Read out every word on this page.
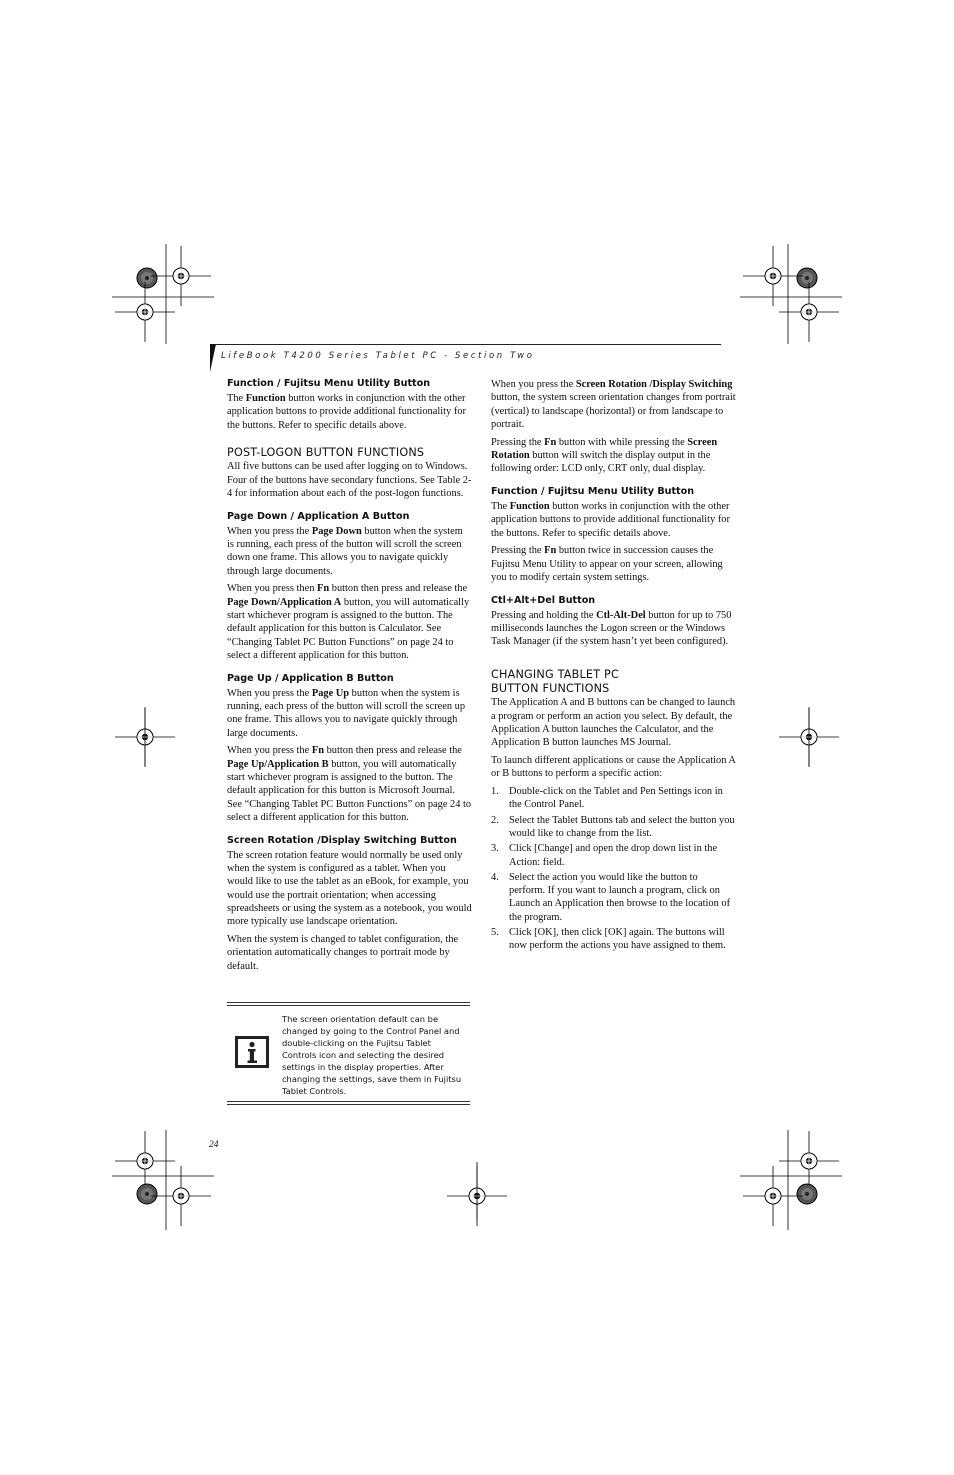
LifeBook T4200 Series Tablet PC - Section Two
Function / Fujitsu Menu Utility Button

The Function button works in conjunction with the other application buttons to provide additional functionality for the buttons. Refer to specific details above.

POST-LOGON BUTTON FUNCTIONS

All five buttons can be used after logging on to Windows. Four of the buttons have secondary functions. See Table 2-4 for information about each of the post-logon functions.

Page Down / Application A Button

When you press the Page Down button when the system is running, each press of the button will scroll the screen down one frame. This allows you to navigate quickly through large documents.

When you press then Fn button then press and release the Page Down/Application A button, you will automatically start whichever program is assigned to the button. The default application for this button is Calculator. See “Changing Tablet PC Button Functions” on page 24 to select a different application for this button.

Page Up / Application B Button

When you press the Page Up button when the system is running, each press of the button will scroll the screen up one frame. This allows you to navigate quickly through large documents.

When you press the Fn button then press and release the Page Up/Application B button, you will automatically start whichever program is assigned to the button. The default application for this button is Microsoft Journal. See “Changing Tablet PC Button Functions” on page 24 to select a different application for this button.

Screen Rotation /Display Switching Button

The screen rotation feature would normally be used only when the system is configured as a tablet. When you would like to use the tablet as an eBook, for example, you would use the portrait orientation; when accessing spreadsheets or using the system as a notebook, you would more typically use landscape orientation.

When the system is changed to tablet configuration, the orientation automatically changes to portrait mode by default.

The screen orientation default can be changed by going to the Control Panel and double-clicking on the Fujitsu Tablet Controls icon and selecting the desired settings in the display properties. After changing the settings, save them in Fujitsu Tablet Controls.

When you press the Screen Rotation /Display Switching button, the system screen orientation changes from portrait (vertical) to landscape (horizontal) or from landscape to portrait.

Pressing the Fn button with while pressing the Screen Rotation button will switch the display output in the following order: LCD only, CRT only, dual display.

Function / Fujitsu Menu Utility Button

The Function button works in conjunction with the other application buttons to provide additional functionality for the buttons. Refer to specific details above.

Pressing the Fn button twice in succession causes the Fujitsu Menu Utility to appear on your screen, allowing you to modify certain system settings.

Ctl+Alt+Del Button

Pressing and holding the Ctl-Alt-Del button for up to 750 milliseconds launches the Logon screen or the Windows Task Manager (if the system hasn’t yet been configured).

CHANGING TABLET PC
BUTTON FUNCTIONS

The Application A and B buttons can be changed to launch a program or perform an action you select. By default, the Application A button launches the Calculator, and the Application B button launches MS Journal.

To launch different applications or cause the Application A or B buttons to perform a specific action:

1. Double-click on the Tablet and Pen Settings icon in the Control Panel.
2. Select the Tablet Buttons tab and select the button you would like to change from the list.
3. Click [Change] and open the drop down list in the Action: field.
4. Select the action you would like the button to perform. If you want to launch a program, click on Launch an Application then browse to the location of the program.
5. Click [OK], then click [OK] again. The buttons will now perform the actions you have assigned to them.
24
